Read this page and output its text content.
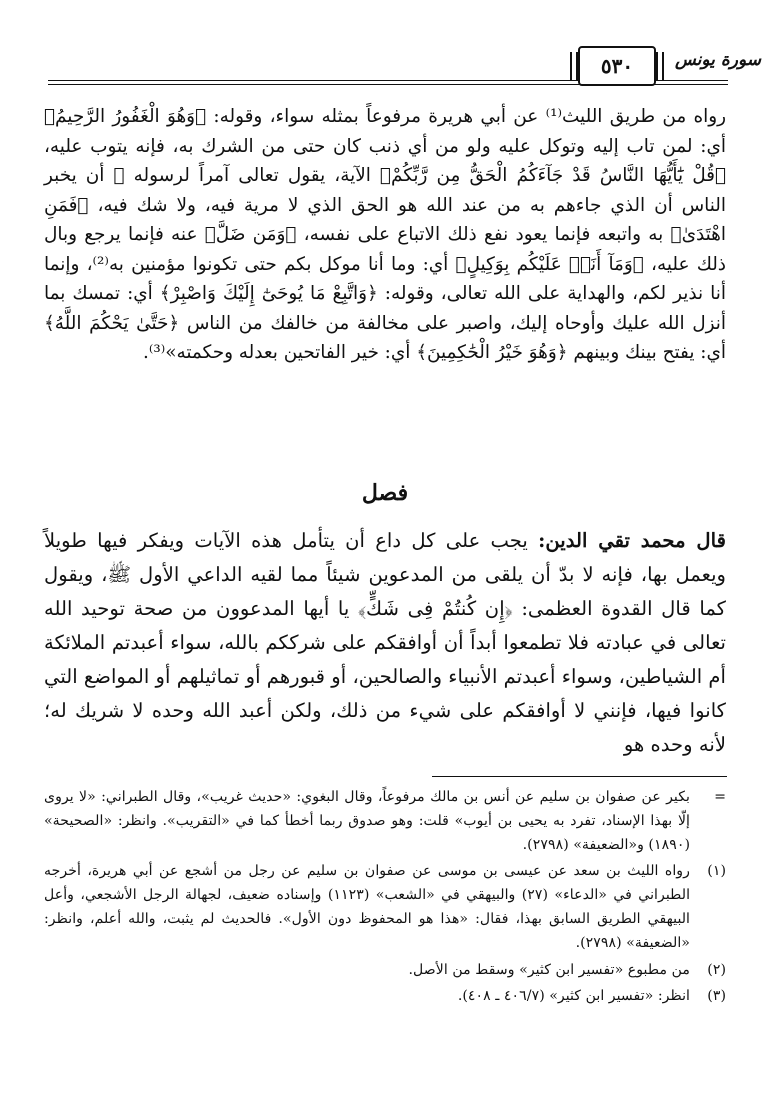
٥٣٠	سورة يونس

رواه من طريق الليث⁽¹⁾ عن أبي هريرة مرفوعاً بمثله سواء، وقوله: ﴿وَهُوَ الْغَفُورُ الرَّحِيمُ﴾ أي: لمن تاب إليه وتوكل عليه ولو من أي ذنب كان حتى من الشرك به، فإنه يتوب عليه، ﴿قُلْ يَٰٓأَيُّهَا النَّاسُ قَدْ جَآءَكُمُ الْحَقُّ مِن رَّبِّكُمْ﴾ الآية، يقول تعالى آمراً لرسوله ﷺ أن يخبر الناس أن الذي جاءهم به من عند الله هو الحق الذي لا مرية فيه، ولا شك فيه، ﴿فَمَنِ اهْتَدَىٰ﴾ به واتبعه فإنما يعود نفع ذلك الاتباع على نفسه، ﴿وَمَن ضَلَّ﴾ عنه فإنما يرجع وبال ذلك عليه، ﴿وَمَآ أَنَا۠ عَلَيْكُم بِوَكِيلٍ﴾ أي: وما أنا موكل بكم حتى تكونوا مؤمنين به⁽²⁾، وإنما أنا نذير لكم، والهداية على الله تعالى، وقوله: ﴿وَاتَّبِعْ مَا يُوحَىٰٓ إِلَيْكَ وَاصْبِرْ﴾ أي: تمسك بما أنزل الله عليك وأوحاه إليك، واصبر على مخالفة من خالفك من الناس ﴿حَتَّىٰ يَحْكُمَ اللَّهُ﴾ أي: يفتح بينك وبينهم ﴿وَهُوَ خَيْرُ الْحَٰكِمِينَ﴾ أي: خير الفاتحين بعدله وحكمته»⁽³⁾.

فصل

قال محمد تقي الدين: يجب على كل داع أن يتأمل هذه الآيات ويفكر فيها طويلاً ويعمل بها، فإنه لا بدّ أن يلقى من المدعوين شيئاً مما لقيه الداعي الأول ﷺ، ويقول كما قال القدوة العظمى: ﴿إِن كُنتُمْ فِى شَكٍّ﴾ يا أيها المدعوون من صحة توحيد الله تعالى في عبادته فلا تطمعوا أبداً أن أوافقكم على شرككم بالله، سواء أعبدتم الملائكة أم الشياطين، وسواء أعبدتم الأنبياء والصالحين، أو قبورهم أو تماثيلهم أو المواضع التي كانوا فيها، فإنني لا أوافقكم على شيء من ذلك، ولكن أعبد الله وحده لا شريك له؛ لأنه وحده هو

=
بكير عن صفوان بن سليم عن أنس بن مالك مرفوعاً، وقال البغوي: «حديث غريب»، وقال الطبراني: «لا يروى إلّا بهذا الإسناد، تفرد به يحيى بن أيوب» قلت: وهو صدوق ربما أخطأ كما في «التقريب». وانظر: «الصحيحة» (١٨٩٠) و«الضعيفة» (٢٧٩٨).
(١)
رواه الليث بن سعد عن عيسى بن موسى عن صفوان بن سليم عن رجل من أشجع عن أبي هريرة، أخرجه الطبراني في «الدعاء» (٢٧) والبيهقي في «الشعب» (١١٢٣) وإسناده ضعيف، لجهالة الرجل الأشجعي، وأعل البيهقي الطريق السابق بهذا، فقال: «هذا هو المحفوظ دون الأول». فالحديث لم يثبت، والله أعلم، وانظر: «الضعيفة» (٢٧٩٨).
(٢)
من مطبوع «تفسير ابن كثير» وسقط من الأصل.
(٣)
انظر: «تفسير ابن كثير» (٤٠٦/٧ ـ ٤٠٨).
